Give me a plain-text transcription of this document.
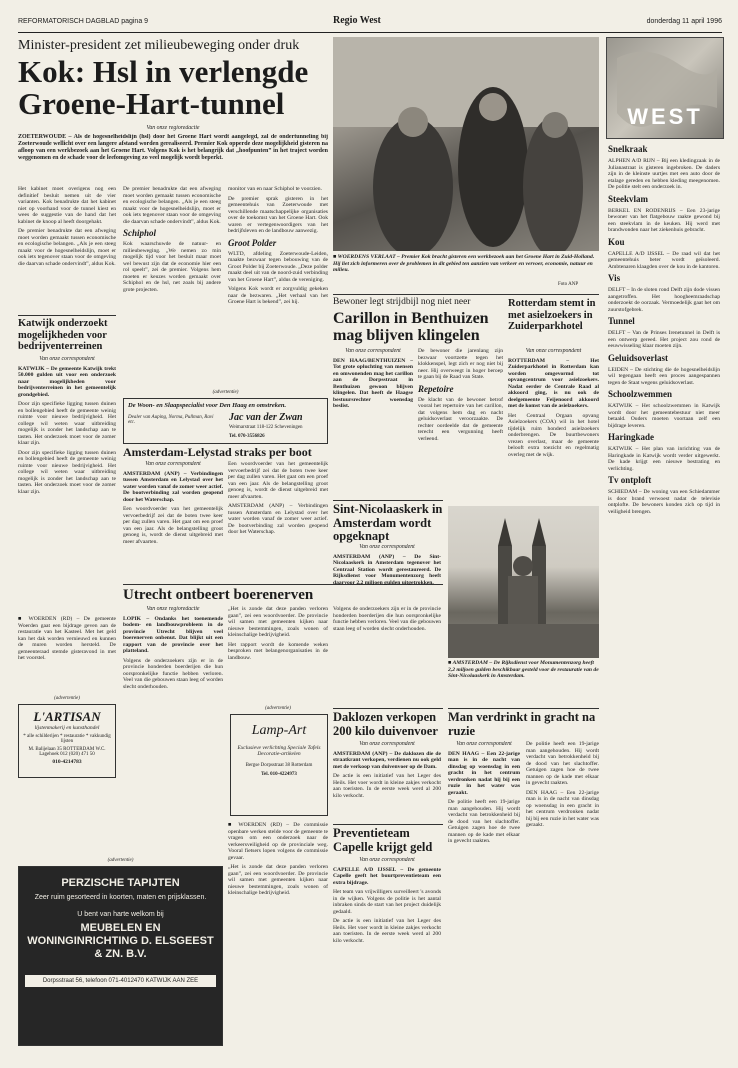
REFORMATORISCH DAGBLAD pagina 9	Regio West	donderdag 11 april 1996
Minister-president zet milieubeweging onder druk
Kok: Hsl in verlengde
Groene-Hart-tunnel

Van onze regioredactie

ZOETERWOUDE – Als de hogesnelheidslijn (hsl) door het Groene Hart wordt aangelegd, zal de ondertunneling bij Zoeterwoude wellicht over een langere afstand worden gerealiseerd. Premier Kok opperde deze mogelijkheid gisteren na afloop van een werkbezoek aan het Groene Hart. Volgens Kok is het belangrijk dat „hoofpunten” in het traject worden weggenomen en de schade voor de leefomgeving zo veel mogelijk wordt beperkt.

Het kabinet moet overigens nog een definitief besluit nemen uit de vier varianten. Kok benadrukte dat het kabinet niet op voorhand voor de tunnel kiest en wees de suggestie van de hand dat het kabinet de knoop al heeft doorgehakt.

De premier benadrukte dat een afweging moet worden gemaakt tussen economische en ecologische belangen. „Als je een steeg maakt voor de hogesnelheidslijn, moet er ook iets tegenover staan voor de omgeving die daarvan schade ondervindt”, aldus Kok.

De premier benadrukte dat een afweging moet worden gemaakt tussen economische en ecologische belangen. „Als je een steeg maakt voor de hogesnelheidslijn, moet er ook iets tegenover staan voor de omgeving die daarvan schade ondervindt”, aldus Kok.

Schiphol

Kok waarschuwde de natuur- en milieubeweging. „We nemen zo min mogelijk tijd voor het besluit maar moet wel bewust zijn dat de economie hier een rol speelt”, zei de premier. Volgens hem moeten er keuzes worden gemaakt over Schiphol en de hsl, net zoals bij andere grote projecten.

monitor van en naar Schiphol te voorzien.

De premier sprak gisteren in het gemeentehuis van Zoeterwoude met verschillende maatschappelijke organisaties over de toekomst van het Groene Hart. Ook waren er vertegenwoordigers van het bedrijfsleven en de landbouw aanwezig.

Groot Polder

WLTD, afdeling Zoeterwoude-Leiden, maakte bezwaar tegen bebouwing van de Groot Polder bij Zoeterwoude. „Deze polder maakt deel uit van de noord-zuid verbinding van het Groene Hart”, aldus de vereniging.

Volgens Kok wordt er zorgvuldig gekeken naar de bezwaren. „Het verhaal van het Groene Hart is bekend”, zei hij.

Katwijk onderzoekt mogelijkheden voor bedrijventerreinen

Van onze correspondent

KATWIJK – De gemeente Katwijk trekt 50.000 gulden uit voor een onderzoek naar mogelijkheden voor bedrijventerreinen in het gemeentelijk grondgebied.

Door zijn specifieke ligging tussen duinen en bollengebied heeft de gemeente weinig ruimte voor nieuwe bedrijvigheid. Het college wil weten waar uitbreiding mogelijk is zonder het landschap aan te tasten. Het onderzoek moet voor de zomer klaar zijn.

Door zijn specifieke ligging tussen duinen en bollengebied heeft de gemeente weinig ruimte voor nieuwe bedrijvigheid. Het college wil weten waar uitbreiding mogelijk is zonder het landschap aan te tasten. Het onderzoek moet voor de zomer klaar zijn.

■ WOERDEN (RD) – De gemeente Woerden gaat een bijdrage geven aan de restauratie van het Kasteel. Met het geld kan het dak worden vernieuwd en kunnen de muren worden hersteld. De gemeenteraad stemde gisteravond in met het voorstel.

(advertentie)
L'ARTISAN
lijstenmakerij en kunsthandel
* alle schilderijen * restauratie * vakkundig lijsten
M. Balijelaan 35 ROTTERDAM W.C. Lagehoek 012 (020) 471 50
010-4214783
(advertentie)
De Woon- en Slaapspecialist voor Den Haag en omstreken.
Dealer van Auping, Norma, Pullman, Ravi etc.	Jac van der Zwan
Weimarstraat 118-122 Scheveningen
Tel. 070-3556826
Amsterdam-Lelystad straks per boot

Van onze correspondent

AMSTERDAM (ANP) – Verbindingen tussen Amsterdam en Lelystad over het water worden vanaf de zomer weer actief. De bootverbinding zal worden geopend door het Waterschap.

Een woordvoerder van het gemeentelijk vervoerbedrijf zei dat de boten twee keer per dag zullen varen. Het gaat om een proef van een jaar. Als de belangstelling groot genoeg is, wordt de dienst uitgebreid met meer afvaarten.

Een woordvoerder van het gemeentelijk vervoerbedrijf zei dat de boten twee keer per dag zullen varen. Het gaat om een proef van een jaar. Als de belangstelling groot genoeg is, wordt de dienst uitgebreid met meer afvaarten.

AMSTERDAM (ANP) – Verbindingen tussen Amsterdam en Lelystad over het water worden vanaf de zomer weer actief. De bootverbinding zal worden geopend door het Waterschap.

Utrecht ontbeert boerenerven

Van onze regioredactie

LOPIK – Ondanks het toenemende bodem- en landbouwprobleem in de provincie Utrecht blijven veel boerenerven onbenut. Dat blijkt uit een rapport van de provincie over het platteland.

Volgens de onderzoekers zijn er in de provincie honderden boerderijen die hun oorspronkelijke functie hebben verloren. Veel van die gebouwen staan leeg of worden slecht onderhouden.

„Het is zonde dat deze panden verloren gaan”, zei een woordvoerder. De provincie wil samen met gemeenten kijken naar nieuwe bestemmingen, zoals wonen of kleinschalige bedrijvigheid.

Het rapport wordt de komende weken besproken met belangenorganisaties in de landbouw.

Volgens de onderzoekers zijn er in de provincie honderden boerderijen die hun oorspronkelijke functie hebben verloren. Veel van die gebouwen staan leeg of worden slecht onderhouden.

(advertentie)
Lamp-Art
Exclusieve verlichting Speciale Tafels Decoratie-artikelen
Bergse Dorpsstraat 38 Rotterdam
Tel. 010-4224973

■ WOERDEN (RD) – De commissie openbare werken stelde voor de gemeente te vragen om een onderzoek naar de verkeersveiligheid op de provinciale weg. Vooral fietsers lopen volgens de commissie gevaar.

„Het is zonde dat deze panden verloren gaan”, zei een woordvoerder. De provincie wil samen met gemeenten kijken naar nieuwe bestemmingen, zoals wonen of kleinschalige bedrijvigheid.

(advertentie)
PERZISCHE TAPIJTEN
Zeer ruim gesorteerd in koorten, maten en prijsklassen.
U bent van harte welkom bij
MEUBELEN EN WONINGINRICHTING D. ELSGEEST & ZN. B.V.
Dorpsstraat 56, telefoon 071-4012470 KATWIJK AAN ZEE
■ WOERDENS VERLAAT – Premier Kok bracht gisteren een werkbezoek aan het Groene Hart in Zuid-Holland. Hij liet zich informeren over de problemen in dit gebied ten aanzien van verkeer en vervoer, economie, natuur en milieu.
Foto ANP
Bewoner legt strijdbijl nog niet neer
Carillon in Benthuizen mag blijven klingelen

Van onze correspondent

DEN HAAG/BENTHUIZEN – Tot grote opluchting van mensen en omwonenden mag het carillon aan de Dorpsstraat in Benthuizen gewoon blijven klingelen. Dat heeft de Haagse bestuursrechter woensdag beslist.

De bewoner die jarenlang zijn bezwaar voortzette tegen het klokkenspel, legt zich er nog niet bij neer. Hij overweegt in hoger beroep te gaan bij de Raad van State.

Repetoire

De klacht van de bewoner betrof vooral het repertoire van het carillon, dat volgens hem dag en nacht geluidsoverlast veroorzaakte. De rechter oordeelde dat de gemeente terecht een vergunning heeft verleend.

Rotterdam stemt in met asielzoekers in Zuiderparkhotel

Van onze correspondent

ROTTERDAM – Het Zuiderparkhotel in Rotterdam kan worden omgevormd tot opvangcentrum voor asielzoekers. Nadat eerder de Centrale Raad al akkoord ging, is nu ook de deelgemeente Feijenoord akkoord met de komst van de asielzoekers.

Het Centraal Orgaan opvang Asielzoekers (COA) wil in het hotel tijdelijk ruim honderd asielzoekers onderbrengen. De buurtbewoners vrezen overlast, maar de gemeente belooft extra toezicht en regelmatig overleg met de wijk.

Sint-Nicolaaskerk in Amsterdam wordt opgeknapt

Van onze correspondent

AMSTERDAM (ANP) – De Sint-Nicolaaskerk in Amsterdam tegenover het Centraal Station wordt gerestaureerd. De Rijksdienst voor Monumentenzorg heeft daarvoor 2,2 miljoen gulden uitgetrokken.

■ AMSTERDAM – De Rijksdienst voor Monumentenzorg heeft 2,2 miljoen gulden beschikbaar gesteld voor de restauratie van de Sint-Nicolaaskerk in Amsterdam.
Daklozen verkopen 200 kilo duivenvoer

Van onze correspondent

AMSTERDAM (ANP) – De daklozen die de straatkrant verkopen, verdienen nu ook geld met de verkoop van duivenvoer op de Dam.

De actie is een initiatief van het Leger des Heils. Het voer wordt in kleine zakjes verkocht aan toeristen. In de eerste week werd al 200 kilo verkocht.

Preventieteam Capelle krijgt geld

Van onze correspondent

CAPELLE A/D IJSSEL – De gemeente Capelle geeft het buurtpreventieteam een extra bijdrage.

Het team van vrijwilligers surveilleert 's avonds in de wijken. Volgens de politie is het aantal inbraken sinds de start van het project duidelijk gedaald.

De actie is een initiatief van het Leger des Heils. Het voer wordt in kleine zakjes verkocht aan toeristen. In de eerste week werd al 200 kilo verkocht.

Man verdrinkt in gracht na ruzie

Van onze correspondent

DEN HAAG – Een 22-jarige man is in de nacht van dinsdag op woensdag in een gracht in het centrum verdronken nadat hij bij een ruzie in het water was geraakt.

De politie heeft een 19-jarige man aangehouden. Hij wordt verdacht van betrokkenheid bij de dood van het slachtoffer. Getuigen zagen hoe de twee mannen op de kade met elkaar in gevecht raakten.

De politie heeft een 19-jarige man aangehouden. Hij wordt verdacht van betrokkenheid bij de dood van het slachtoffer. Getuigen zagen hoe de twee mannen op de kade met elkaar in gevecht raakten.

DEN HAAG – Een 22-jarige man is in de nacht van dinsdag op woensdag in een gracht in het centrum verdronken nadat hij bij een ruzie in het water was geraakt.

WEST

Snelkraak

ALPHEN A/D RIJN – Bij een kledingzaak in de Julianastraat is gisteren ingebroken. De daders zijn in de kleinste uurtjes met een auto door de etalage gereden en hebben kleding meegenomen. De politie stelt een onderzoek in.

Steekvlam

BERKEL EN RODENRIJS – Een 23-jarige bewoner van het flatgebouw raakte gewond bij een steekvlam in de keuken. Hij werd met brandwonden naar het ziekenhuis gebracht.

Kou

CAPELLE A/D IJSSEL – De raad wil dat het gemeentehuis beter wordt geïsoleerd. Ambtenaren klaagden over de kou in de kantoren.

Vis

DELFT – In de sloten rond Delft zijn dode vissen aangetroffen. Het hoogheemraadschap onderzoekt de oorzaak. Vermoedelijk gaat het om zuurstofgebrek.

Tunnel

DELFT – Van de Prinses Irenetunnel in Delft is een ontwerp gereed. Het project zou rond de eeuwwisseling klaar moeten zijn.

Geluidsoverlast

LEIDEN – De stichting die de hogesnelheidslijn wil tegengaan heeft een proces aangespannen tegen de Staat wegens geluidsoverlast.

Schoolzwemmen

KATWIJK – Het schoolzwemmen in Katwijk wordt door het gemeentebestuur niet meer betaald. Ouders moeten voortaan zelf een bijdrage leveren.

Haringkade

KATWIJK – Het plan van inrichting van de Haringkade in Katwijk wordt verder uitgewerkt. De kade krijgt een nieuwe bestrating en verlichting.

Tv ontploft

SCHIEDAM – De woning van een Schiedammer is door brand verwoest nadat de televisie ontplofte. De bewoners konden zich op tijd in veiligheid brengen.
